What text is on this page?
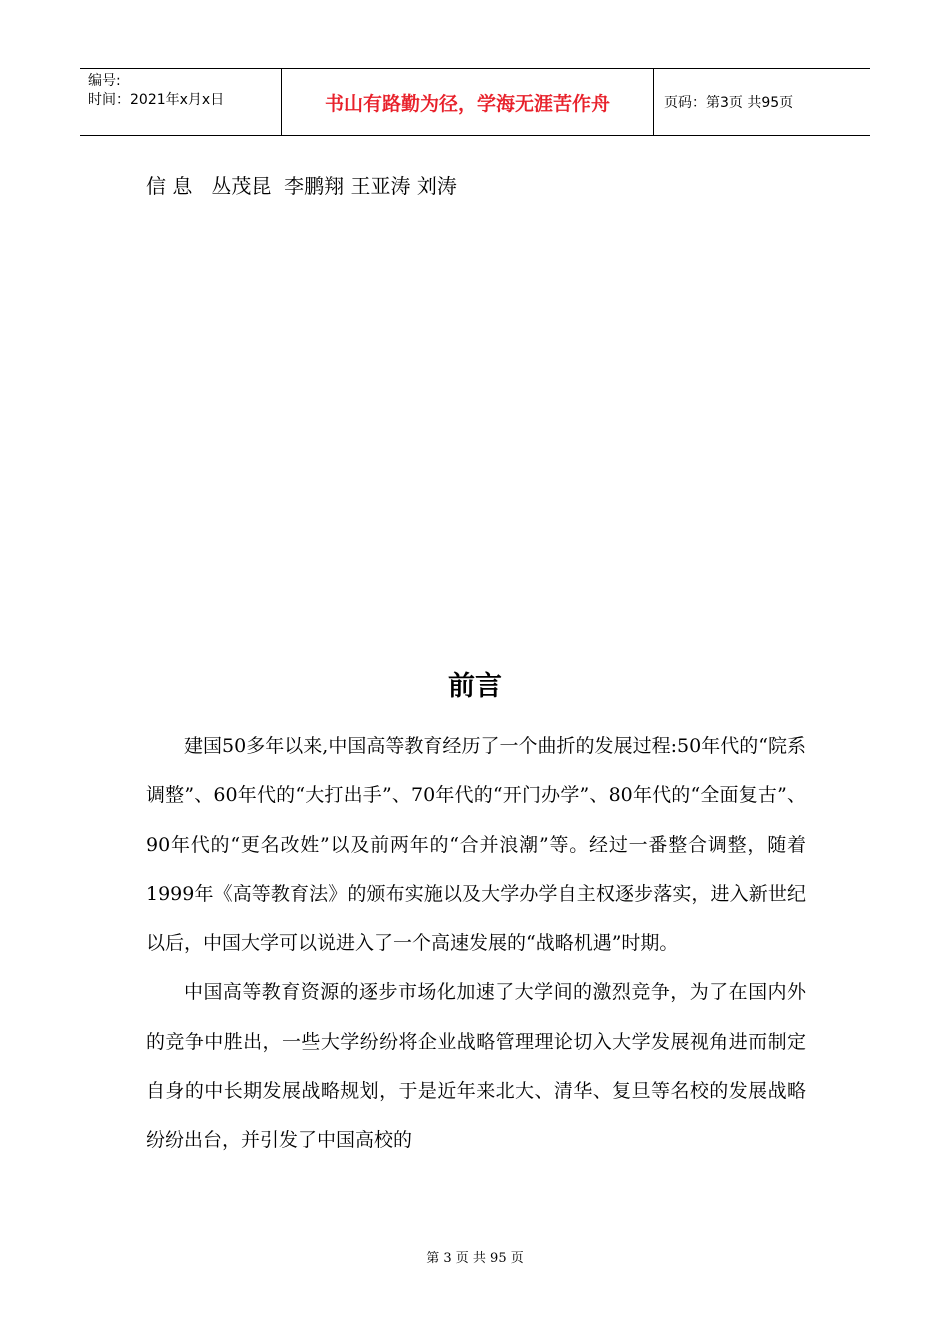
编号:
时间：2021年x月x日	书山有路勤为径，学海无涯苦作舟	页码：第3页 共95页
信 息   丛茂昆  李鹏翔 王亚涛 刘涛
前言

建国50多年以来,中国高等教育经历了一个曲折的发展过程:50年代的“院系调整”、60年代的“大打出手”、70年代的“开门办学”、80年代的“全面复古”、90年代的“更名改姓”以及前两年的“合并浪潮”等。经过一番整合调整，随着1999年《高等教育法》的颁布实施以及大学办学自主权逐步落实，进入新世纪以后，中国大学可以说进入了一个高速发展的“战略机遇”时期。

中国高等教育资源的逐步市场化加速了大学间的激烈竞争，为了在国内外的竞争中胜出，一些大学纷纷将企业战略管理理论切入大学发展视角进而制定自身的中长期发展战略规划，于是近年来北大、清华、复旦等名校的发展战略纷纷出台，并引发了中国高校的

第 3 页 共 95 页
